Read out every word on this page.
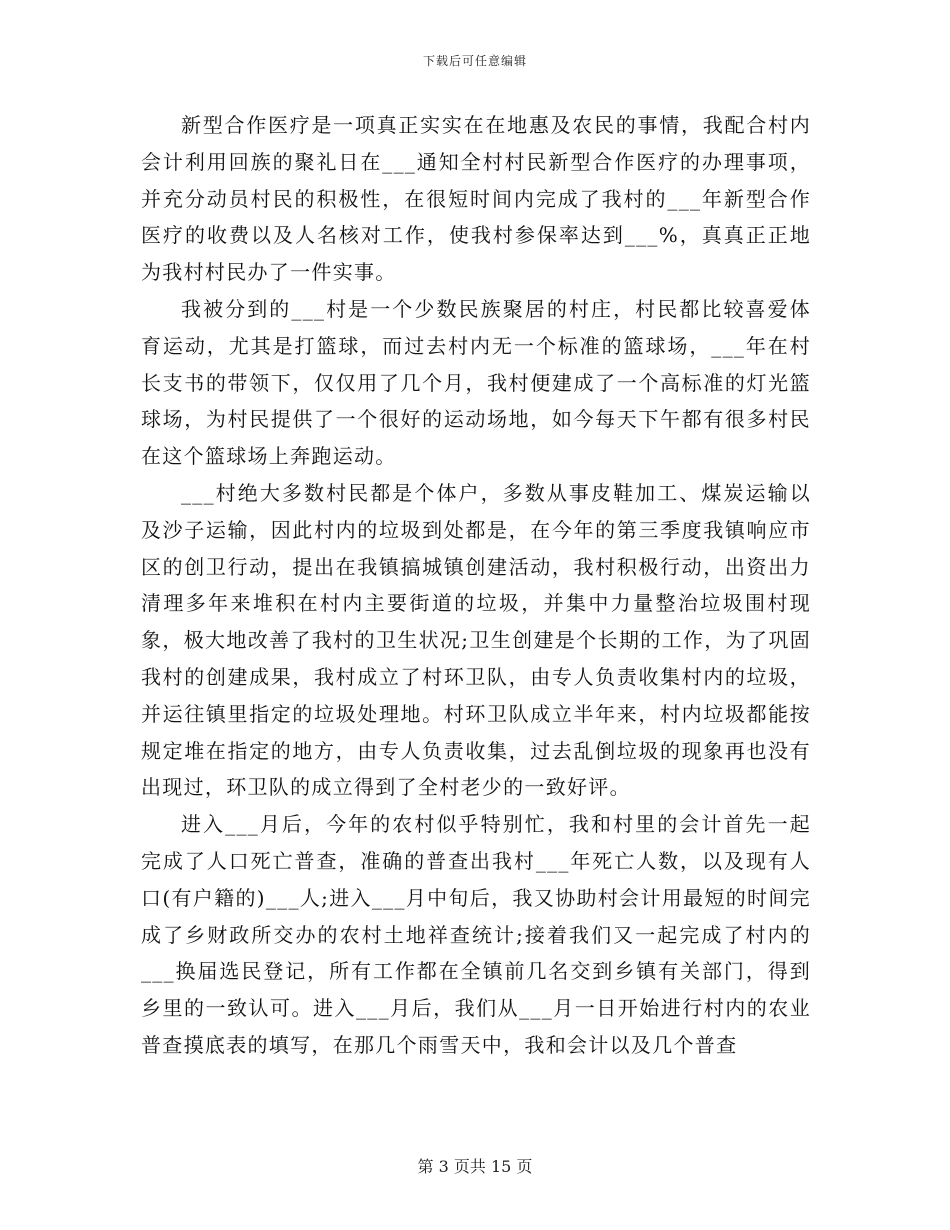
下载后可任意编辑

新型合作医疗是一项真正实实在在地惠及农民的事情，我配合村内会计利用回族的聚礼日在___通知全村村民新型合作医疗的办理事项，并充分动员村民的积极性，在很短时间内完成了我村的___年新型合作医疗的收费以及人名核对工作，使我村参保率达到___%，真真正正地为我村村民办了一件实事。

我被分到的___村是一个少数民族聚居的村庄，村民都比较喜爱体育运动，尤其是打篮球，而过去村内无一个标准的篮球场，___年在村长支书的带领下，仅仅用了几个月，我村便建成了一个高标准的灯光篮球场，为村民提供了一个很好的运动场地，如今每天下午都有很多村民在这个篮球场上奔跑运动。

___村绝大多数村民都是个体户，多数从事皮鞋加工、煤炭运输以及沙子运输，因此村内的垃圾到处都是，在今年的第三季度我镇响应市区的创卫行动，提出在我镇搞城镇创建活动，我村积极行动，出资出力清理多年来堆积在村内主要街道的垃圾，并集中力量整治垃圾围村现象，极大地改善了我村的卫生状况;卫生创建是个长期的工作，为了巩固我村的创建成果，我村成立了村环卫队，由专人负责收集村内的垃圾，并运往镇里指定的垃圾处理地。村环卫队成立半年来，村内垃圾都能按规定堆在指定的地方，由专人负责收集，过去乱倒垃圾的现象再也没有出现过，环卫队的成立得到了全村老少的一致好评。

进入___月后，今年的农村似乎特别忙，我和村里的会计首先一起完成了人口死亡普查，准确的普查出我村___年死亡人数，以及现有人口(有户籍的)___人;进入___月中旬后，我又协助村会计用最短的时间完成了乡财政所交办的农村土地祥查统计;接着我们又一起完成了村内的___换届选民登记，所有工作都在全镇前几名交到乡镇有关部门，得到乡里的一致认可。进入___月后，我们从___月一日开始进行村内的农业普查摸底表的填写，在那几个雨雪天中，我和会计以及几个普查

第 3 页共 15 页
